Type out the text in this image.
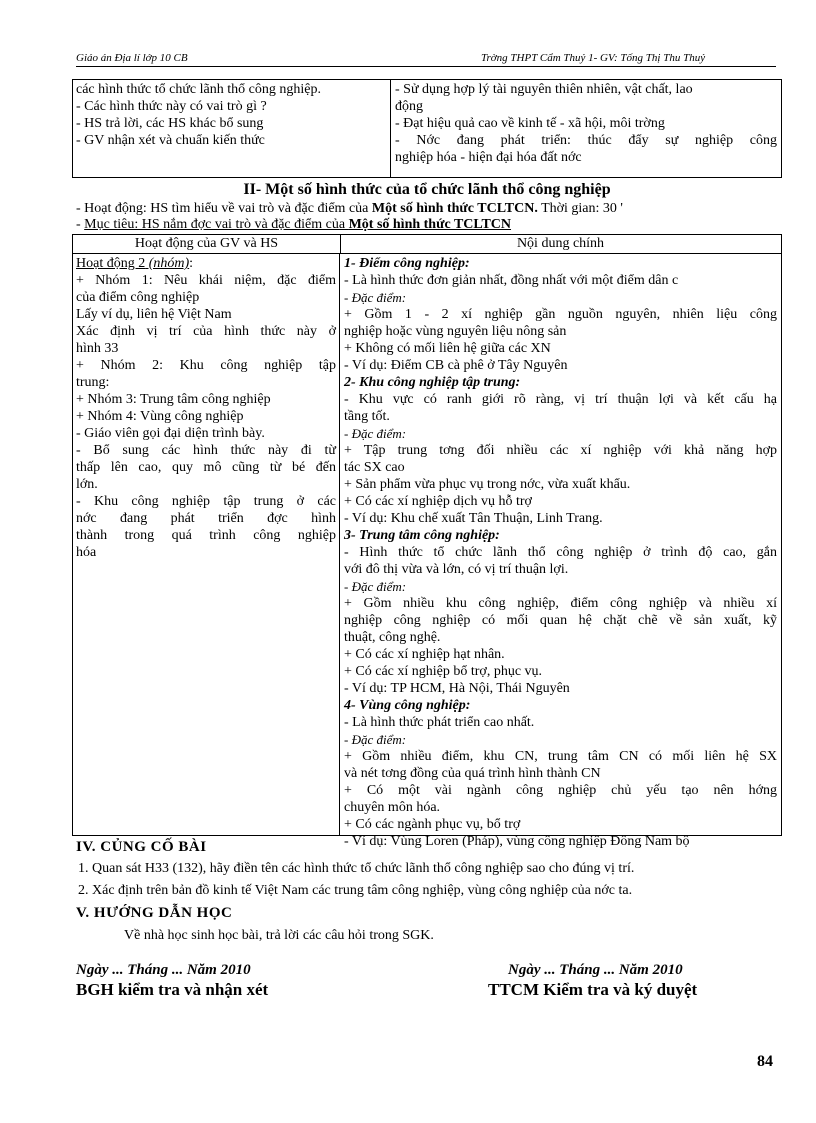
Giáo án Địa lí lớp 10 CB	Trờng THPT Cẩm Thuỷ 1- GV: Tống Thị Thu Thuỷ
các hình thức tổ chức lãnh thổ công nghiệp.
- Các hình thức này có vai trò gì ?
- HS trả lời, các HS khác bổ sung
- GV nhận xét và chuẩn kiến thức
- Sử dụng hợp lý tài nguyên thiên nhiên, vật chất, lao
động
- Đạt hiệu quả cao về kinh tế - xã hội, môi trờng
- Nớc đang phát triển: thúc đẩy sự nghiệp công
nghiệp hóa - hiện đại hóa đất nớc
II- Một số hình thức của tổ chức lãnh thổ công nghiệp
- Hoạt động: HS tìm hiểu về vai trò và đặc điểm của Một số hình thức TCLTCN. Thời gian: 30 '
- Mục tiêu: HS nắm đợc vai trò và đặc điểm của Một số hình thức TCLTCN
Hoạt động của GV và HS	Nội dung chính
Hoạt động 2 (nhóm):
+ Nhóm 1: Nêu khái niệm, đặc điểm
của điểm công nghiệp
Lấy ví dụ, liên hệ Việt Nam
Xác định vị trí của hình thức này ở
hình 33
+ Nhóm 2: Khu công nghiệp tập
trung:
+ Nhóm 3: Trung tâm công nghiệp
+ Nhóm 4: Vùng công nghiệp
- Giáo viên gọi đại diện trình bày.
- Bổ sung các hình thức này đi từ
thấp lên cao, quy mô cũng từ bé đến
lớn.
- Khu công nghiệp tập trung ở các
nớc đang phát triển đợc hình
thành trong quá trình công nghiệp
hóa
1- Điểm công nghiệp:
- Là hình thức đơn giản nhất, đồng nhất với một điểm dân c
- Đặc điểm:
+ Gồm 1 - 2 xí nghiệp gần nguồn nguyên, nhiên liệu công
nghiệp hoặc vùng nguyên liệu nông sản
+ Không có mối liên hệ giữa các XN
- Ví dụ: Điểm CB cà phê ở Tây Nguyên
2- Khu công nghiệp tập trung:
- Khu vực có ranh giới rõ ràng, vị trí thuận lợi và kết cấu hạ
tầng tốt.
- Đặc điểm:
+ Tập trung tơng đối nhiều các xí nghiệp với khả năng hợp
tác SX cao
+ Sản phẩm vừa phục vụ trong nớc, vừa xuất khẩu.
+ Có các xí nghiệp dịch vụ hỗ trợ
- Ví dụ: Khu chế xuất Tân Thuận, Linh Trang.
3- Trung tâm công nghiệp:
- Hình thức tổ chức lãnh thổ công nghiệp ở trình độ cao, gắn
với đô thị vừa và lớn, có vị trí thuận lợi.
- Đặc điểm:
+ Gồm nhiều khu công nghiệp, điểm công nghiệp và nhiều xí
nghiệp công nghiệp có mối quan hệ chặt chẽ về sản xuất, kỹ
thuật, công nghệ.
+ Có các xí nghiệp hạt nhân.
+ Có các xí nghiệp bổ trợ, phục vụ.
- Ví dụ: TP HCM, Hà Nội, Thái Nguyên
4- Vùng công nghiệp:
- Là hình thức phát triển cao nhất.
- Đặc điểm:
+ Gồm nhiều điểm, khu CN, trung tâm CN có mối liên hệ SX
và nét tơng đồng của quá trình hình thành CN
+ Có một vài ngành công nghiệp chủ yếu tạo nên hớng
chuyên môn hóa.
+ Có các ngành phục vụ, bổ trợ
- Ví dụ: Vùng Loren (Pháp), vùng công nghiệp Đông Nam bộ
IV. CỦNG CỐ BÀI
1. Quan sát H33 (132), hãy điền tên các hình thức tổ chức lãnh thổ công nghiệp sao cho đúng vị trí.
2. Xác định trên bản đồ kinh tế Việt Nam các trung tâm công nghiệp, vùng công nghiệp của nớc ta.
V. HƯỚNG DẪN HỌC
Về nhà học sinh học bài, trả lời các câu hỏi trong SGK.
Ngày ... Tháng ... Năm 2010
BGH kiểm tra và nhận xét
Ngày ... Tháng ... Năm 2010
TTCM Kiểm tra và ký duyệt
84
